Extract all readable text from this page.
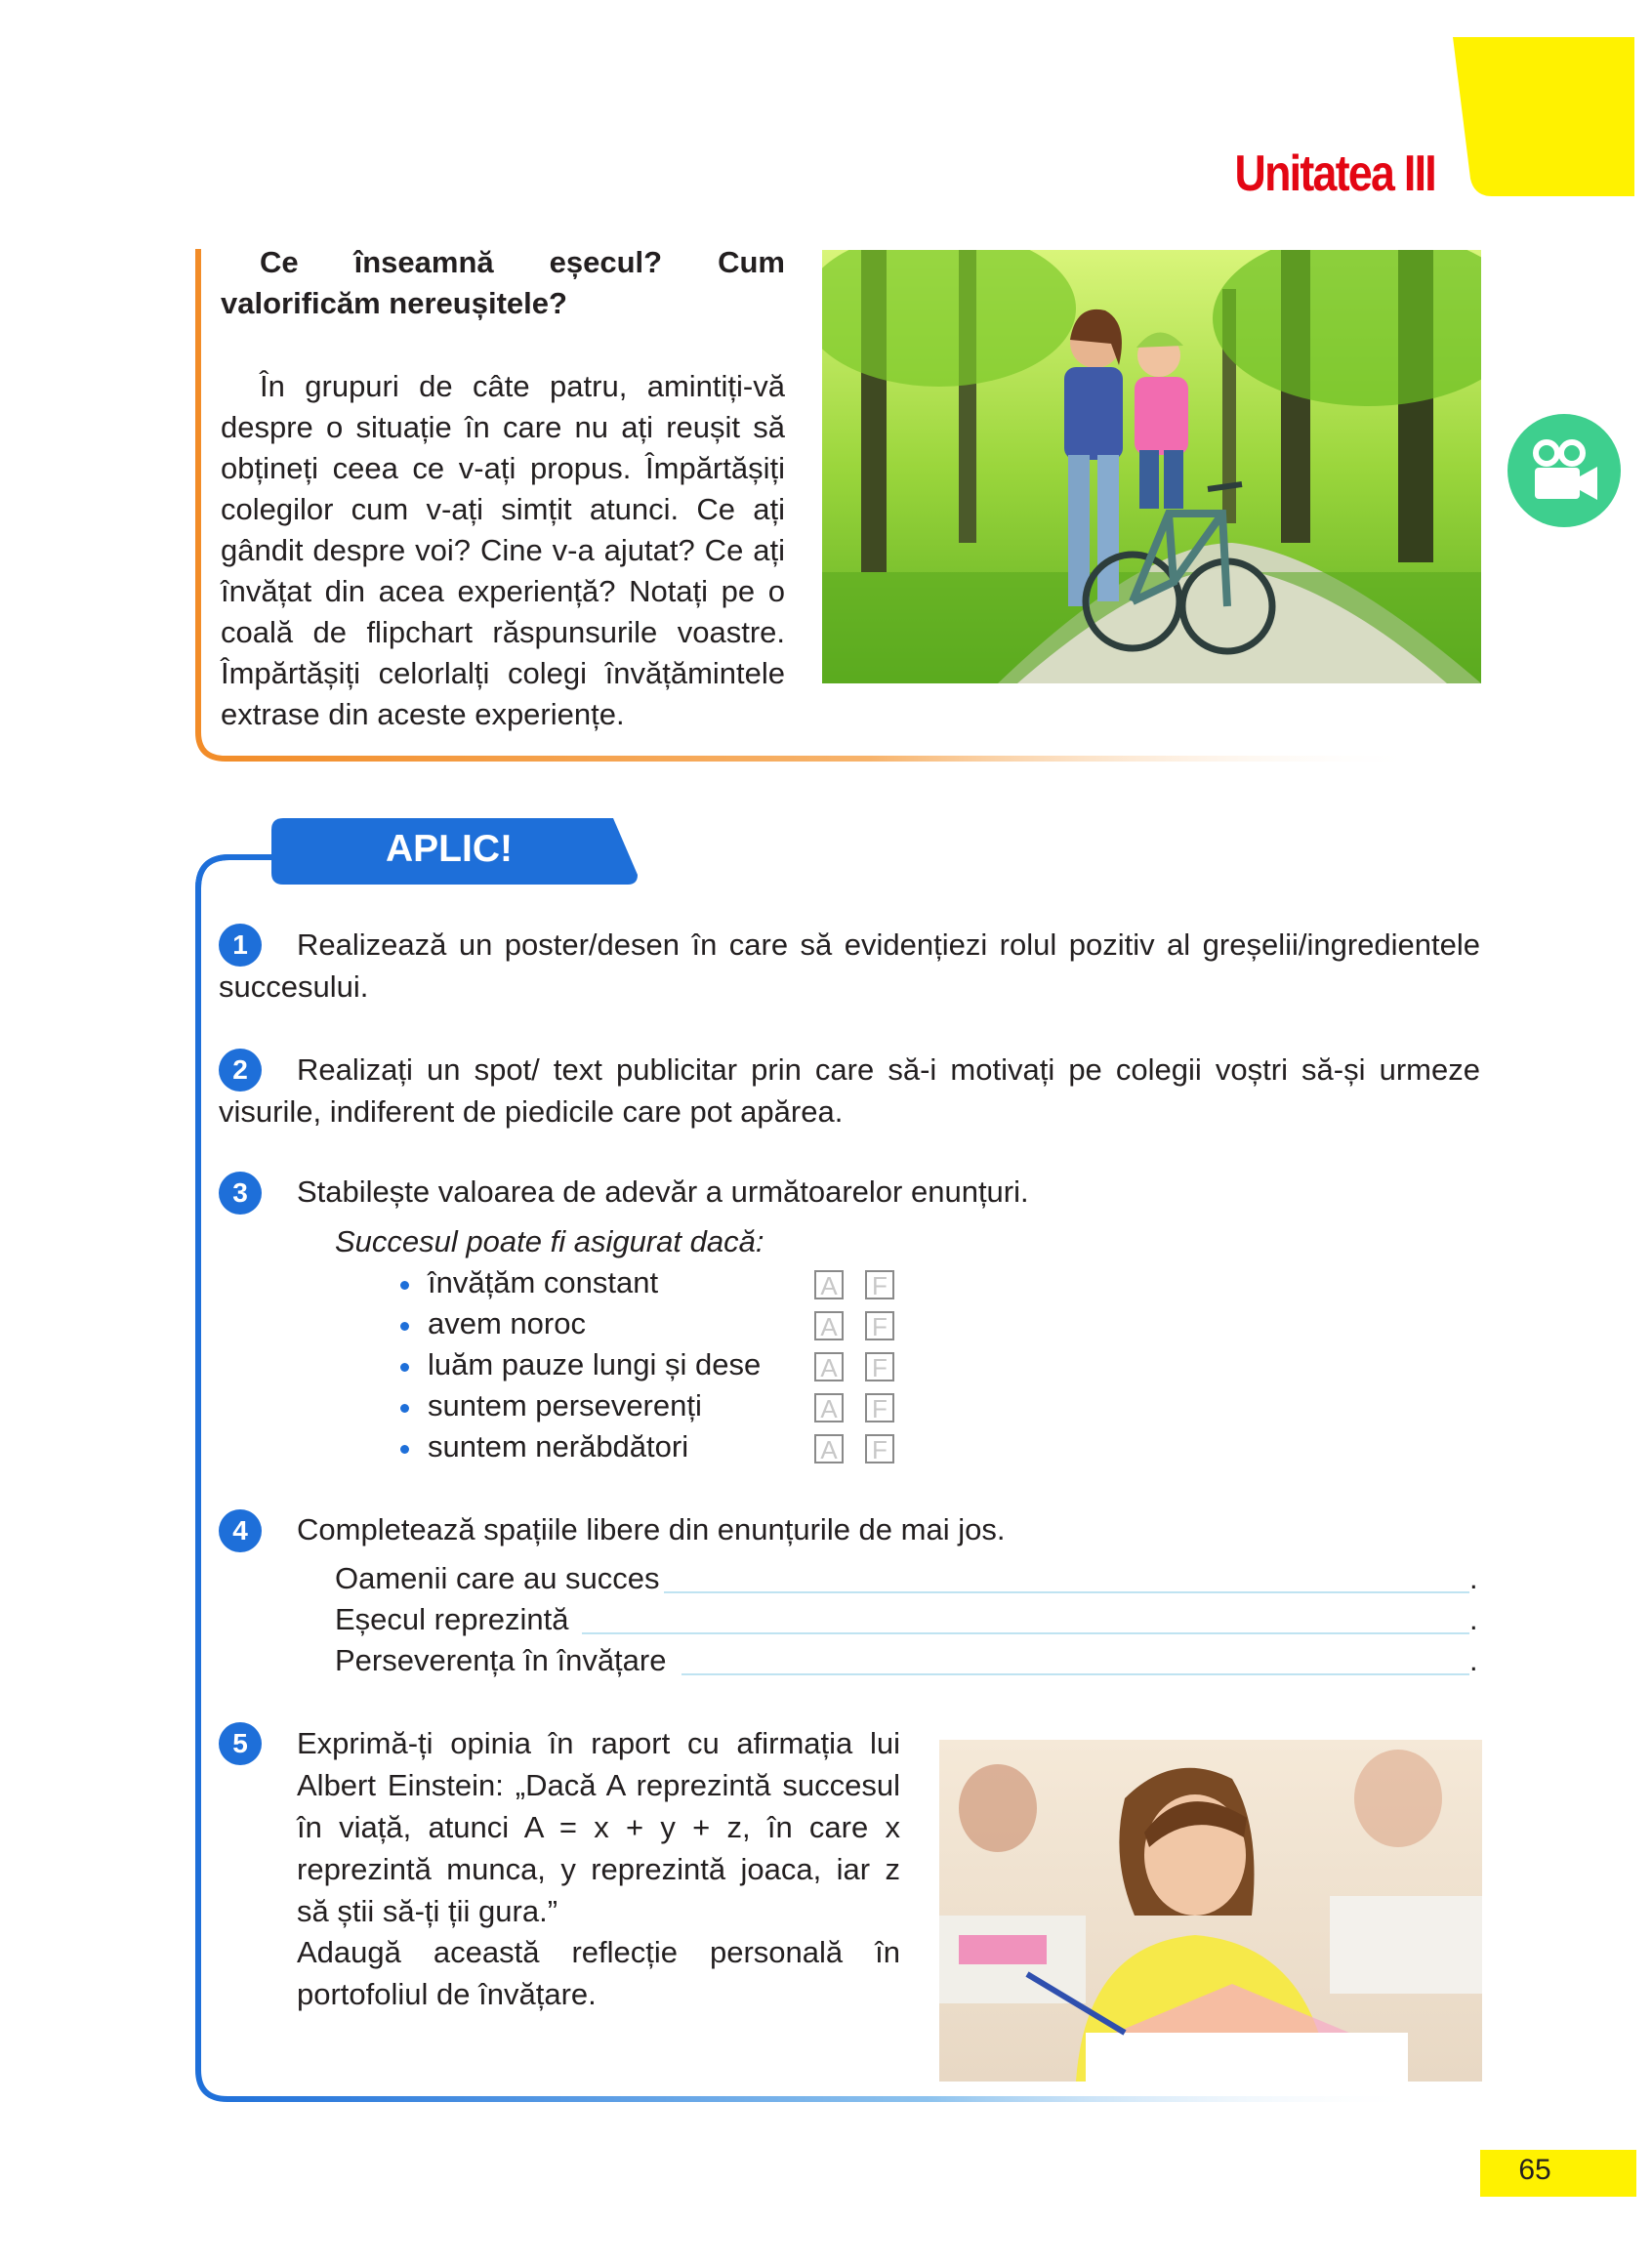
Unitatea III
Ce înseamnă eșecul? Cum valorificăm nereușitele?
În grupuri de câte patru, amintiți-vă despre o situație în care nu ați reușit să obțineți ceea ce v-ați propus. Împărtășiți colegilor cum v-ați simțit atunci. Ce ați gândit despre voi? Cine v-a ajutat? Ce ați învățat din acea experiență? Notați pe o coală de flipchart răspunsurile voastre. Împărtășiți celorlalți colegi învățămintele extrase din aceste experiențe.
APLIC!
1	Realizează un poster/desen în care să evidențiezi rolul pozitiv al greșelii/ingredientele succesului.
2	Realizați un spot/ text publicitar prin care să-i motivați pe colegii voștri să-și urmeze visurile, indiferent de piedicile care pot apărea.
3	Stabilește valoarea de adevăr a următoarelor enunțuri.
Succesul poate fi asigurat dacă:
învățăm constant	A F
avem noroc	A F
luăm pauze lungi și dese A F
suntem perseverenți	A F
suntem nerăbdători	A F
4	Completează spațiile libere din enunțurile de mai jos.
Oamenii care au succes	.
Eșecul reprezintă	.
Perseverența în învățare	.
5	Exprimă-ți opinia în raport cu afirmația lui Albert Einstein: „Dacă A reprezintă succesul în viață, atunci A = x + y + z, în care x reprezintă munca, y reprezintă joaca, iar z să știi să-ți ții gura.”
Adaugă această reflecție personală în portofoliul de învățare.
65
